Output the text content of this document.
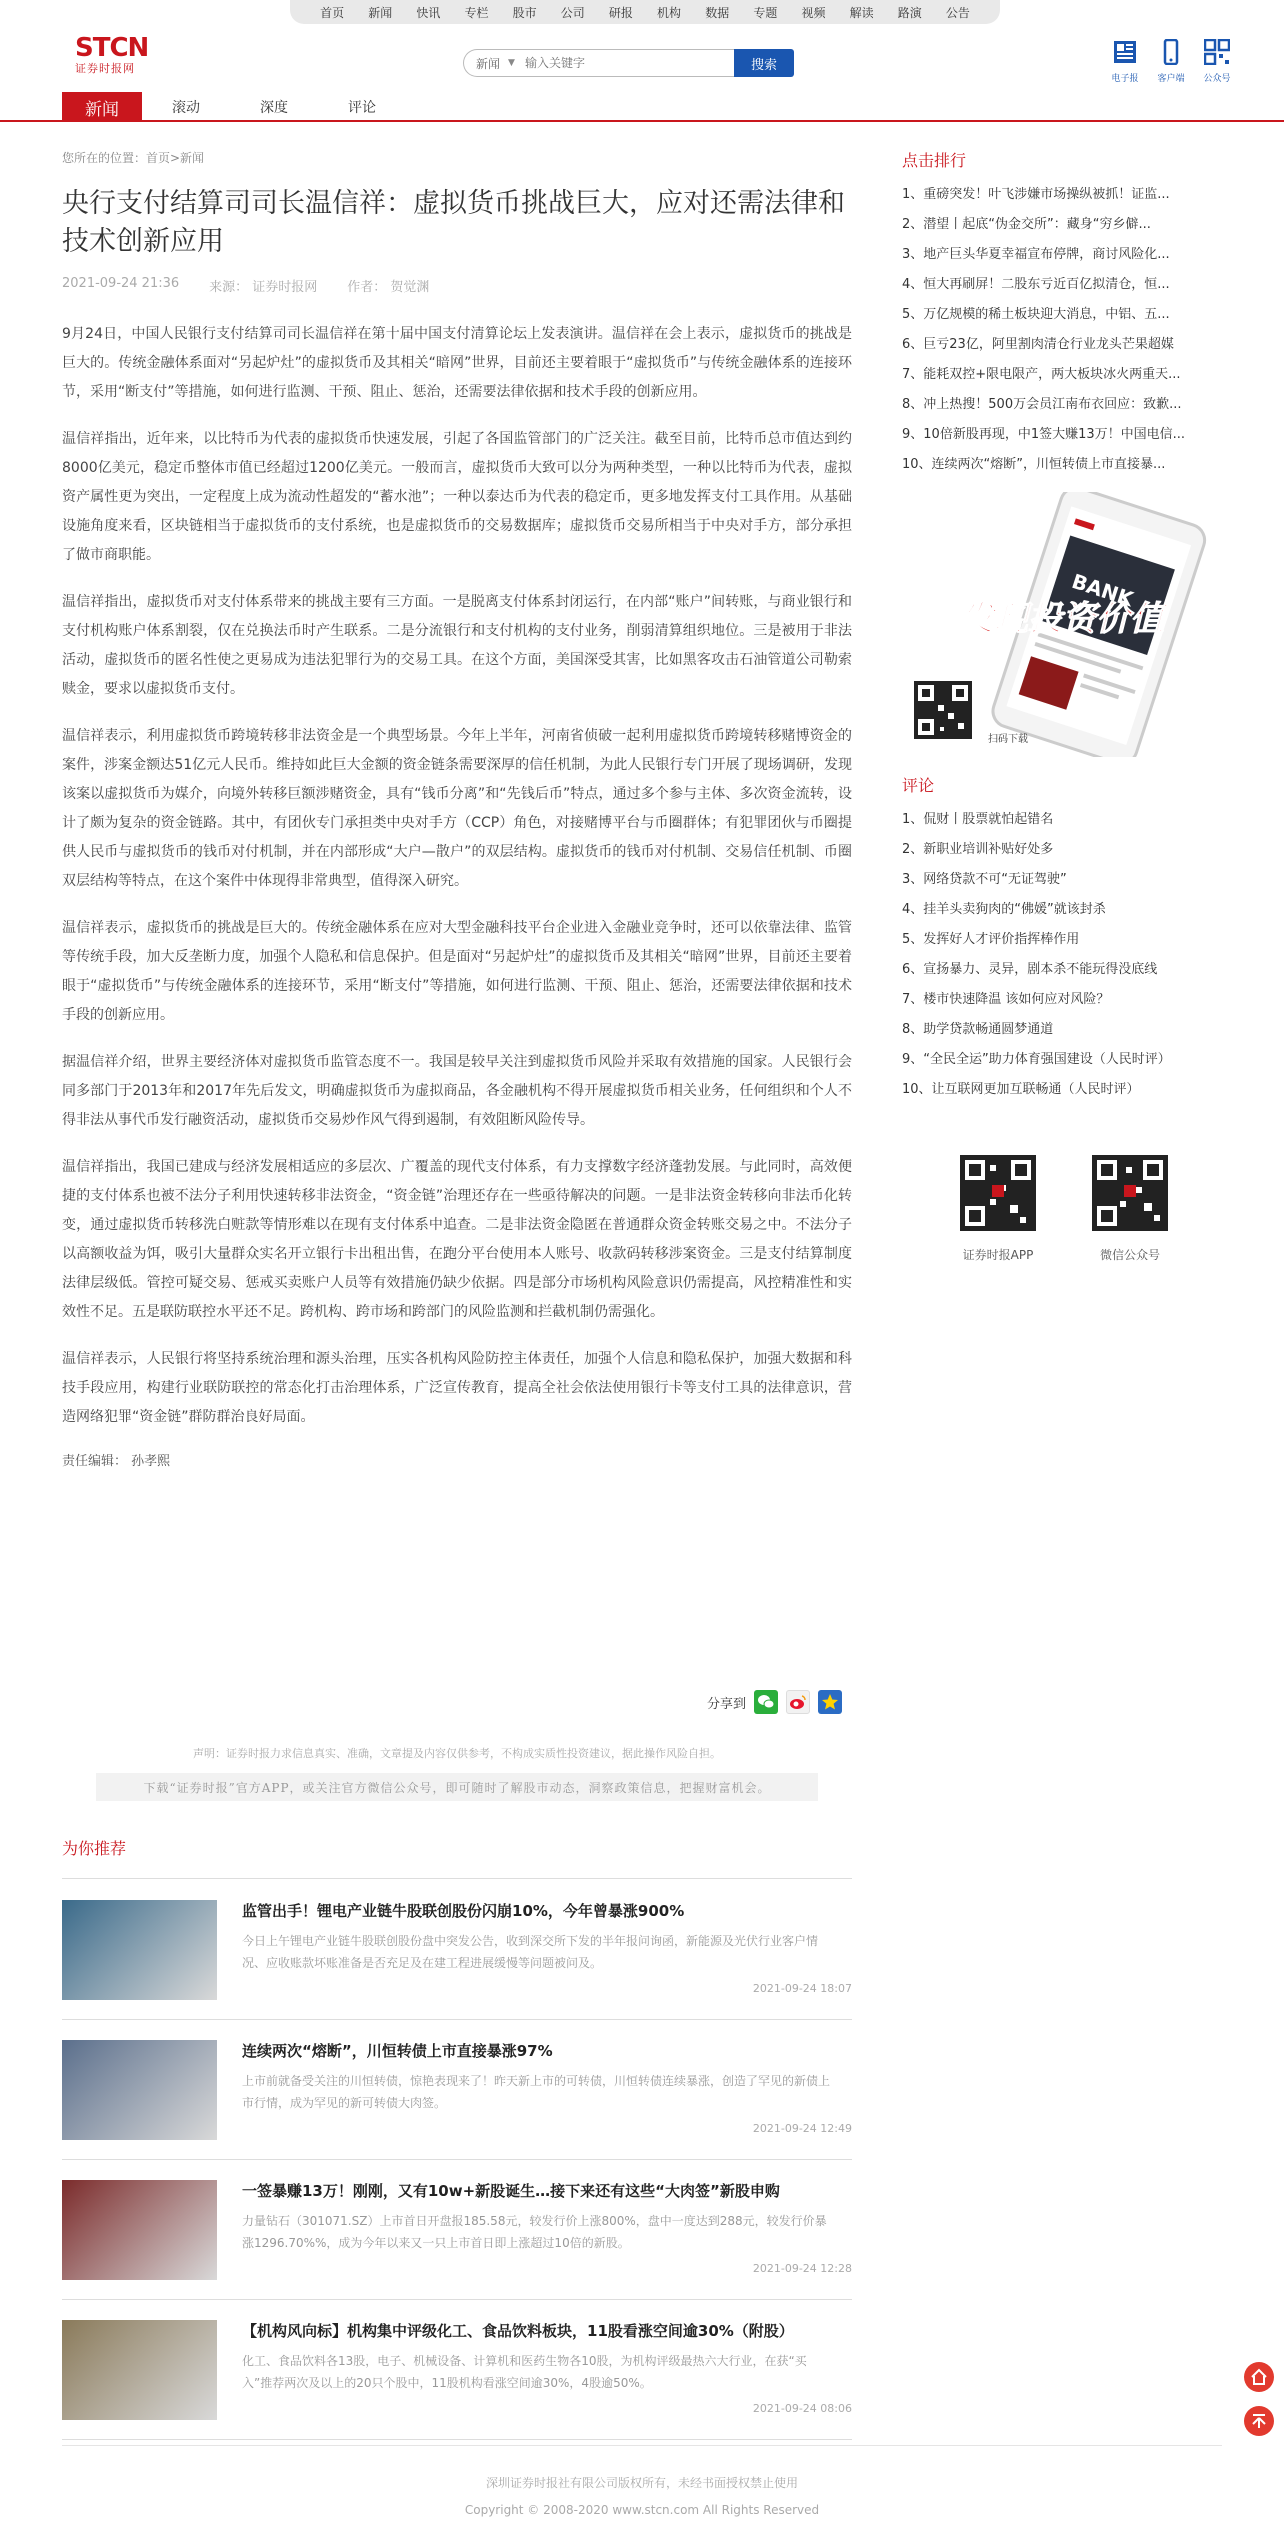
首页 新闻 快讯 专栏 股市 公司 研报 机构 数据 专题 视频 解读 路演 公告
STCN
证券时报网	新闻 ▼
输入关键字	搜索
电子报	客户端	公众号
新闻	滚动	深度	评论
您所在的位置：首页>新闻
央行支付结算司司长温信祥：虚拟货币挑战巨大，应对还需法律和技术创新应用
2021-09-24 21:36 来源： 证券时报网 作者： 贺觉渊

9月24日，中国人民银行支付结算司司长温信祥在第十届中国支付清算论坛上发表演讲。温信祥在会上表示，虚拟货币的挑战是巨大的。传统金融体系面对“另起炉灶”的虚拟货币及其相关“暗网”世界，目前还主要着眼于“虚拟货币”与传统金融体系的连接环节，采用“断支付”等措施，如何进行监测、干预、阻止、惩治，还需要法律依据和技术手段的创新应用。

温信祥指出，近年来，以比特币为代表的虚拟货币快速发展，引起了各国监管部门的广泛关注。截至目前，比特币总市值达到约8000亿美元，稳定币整体市值已经超过1200亿美元。一般而言，虚拟货币大致可以分为两种类型，一种以比特币为代表，虚拟资产属性更为突出，一定程度上成为流动性超发的“蓄水池”；一种以泰达币为代表的稳定币，更多地发挥支付工具作用。从基础设施角度来看，区块链相当于虚拟货币的支付系统，也是虚拟货币的交易数据库；虚拟货币交易所相当于中央对手方，部分承担了做市商职能。

温信祥指出，虚拟货币对支付体系带来的挑战主要有三方面。一是脱离支付体系封闭运行，在内部“账户”间转账，与商业银行和支付机构账户体系割裂，仅在兑换法币时产生联系。二是分流银行和支付机构的支付业务，削弱清算组织地位。三是被用于非法活动，虚拟货币的匿名性使之更易成为违法犯罪行为的交易工具。在这个方面，美国深受其害，比如黑客攻击石油管道公司勒索赎金，要求以虚拟货币支付。

温信祥表示，利用虚拟货币跨境转移非法资金是一个典型场景。今年上半年，河南省侦破一起利用虚拟货币跨境转移赌博资金的案件，涉案金额达51亿元人民币。维持如此巨大金额的资金链条需要深厚的信任机制，为此人民银行专门开展了现场调研，发现该案以虚拟货币为媒介，向境外转移巨额涉赌资金，具有“钱币分离”和“先钱后币”特点，通过多个参与主体、多次资金流转，设计了颇为复杂的资金链路。其中，有团伙专门承担类中央对手方（CCP）角色，对接赌博平台与币圈群体；有犯罪团伙与币圈提供人民币与虚拟货币的钱币对付机制，并在内部形成“大户—散户”的双层结构。虚拟货币的钱币对付机制、交易信任机制、币圈双层结构等特点，在这个案件中体现得非常典型，值得深入研究。

温信祥表示，虚拟货币的挑战是巨大的。传统金融体系在应对大型金融科技平台企业进入金融业竞争时，还可以依靠法律、监管等传统手段，加大反垄断力度，加强个人隐私和信息保护。但是面对“另起炉灶”的虚拟货币及其相关“暗网”世界，目前还主要着眼于“虚拟货币”与传统金融体系的连接环节，采用“断支付”等措施，如何进行监测、干预、阻止、惩治，还需要法律依据和技术手段的创新应用。

据温信祥介绍，世界主要经济体对虚拟货币监管态度不一。我国是较早关注到虚拟货币风险并采取有效措施的国家。人民银行会同多部门于2013年和2017年先后发文，明确虚拟货币为虚拟商品，各金融机构不得开展虚拟货币相关业务，任何组织和个人不得非法从事代币发行融资活动，虚拟货币交易炒作风气得到遏制，有效阻断风险传导。

温信祥指出，我国已建成与经济发展相适应的多层次、广覆盖的现代支付体系，有力支撑数字经济蓬勃发展。与此同时，高效便捷的支付体系也被不法分子利用快速转移非法资金，“资金链”治理还存在一些亟待解决的问题。一是非法资金转移向非法币化转变，通过虚拟货币转移洗白赃款等情形难以在现有支付体系中追查。二是非法资金隐匿在普通群众资金转账交易之中。不法分子以高额收益为饵，吸引大量群众实名开立银行卡出租出售，在跑分平台使用本人账号、收款码转移涉案资金。三是支付结算制度法律层级低。管控可疑交易、惩戒买卖账户人员等有效措施仍缺少依据。四是部分市场机构风险意识仍需提高，风控精准性和实效性不足。五是联防联控水平还不足。跨机构、跨市场和跨部门的风险监测和拦截机制仍需强化。

温信祥表示，人民银行将坚持系统治理和源头治理，压实各机构风险防控主体责任，加强个人信息和隐私保护，加强大数据和科技手段应用，构建行业联防联控的常态化打击治理体系，广泛宣传教育，提高全社会依法使用银行卡等支付工具的法律意识，营造网络犯罪“资金链”群防群治良好局面。

责任编辑： 孙孝熙
分享到
声明：证券时报力求信息真实、准确，文章提及内容仅供参考，不构成实质性投资建议，据此操作风险自担。
下载“证券时报”官方APP，或关注官方微信公众号，即可随时了解股市动态，洞察政策信息，把握财富机会。
为你推荐
监管出手！锂电产业链牛股联创股份闪崩10%，今年曾暴涨900%
今日上午锂电产业链牛股联创股份盘中突发公告，收到深交所下发的半年报问询函，新能源及光伏行业客户情况、应收账款坏账准备是否充足及在建工程进展缓慢等问题被问及。
2021-09-24 18:07
连续两次“熔断”，川恒转债上市直接暴涨97%
上市前就备受关注的川恒转债，惊艳表现来了！昨天新上市的可转债，川恒转债连续暴涨，创造了罕见的新债上市行情，成为罕见的新可转债大肉签。
2021-09-24 12:49
一签暴赚13万！刚刚，又有10w+新股诞生…接下来还有这些“大肉签”新股申购
力量钻石（301071.SZ）上市首日开盘报185.58元，较发行价上涨800%，盘中一度达到288元，较发行价暴涨1296.70%%，成为今年以来又一只上市首日即上涨超过10倍的新股。
2021-09-24 12:28
【机构风向标】机构集中评级化工、食品饮料板块，11股看涨空间逾30%（附股）
化工、食品饮料各13股，电子、机械设备、计算机和医药生物各10股，为机构评级最热六大行业，在获“买入”推荐两次及以上的20只个股中，11股机构看涨空间逾30%，4股逾50%。
2021-09-24 08:06
点击排行
1、重磅突发！叶飞涉嫌市场操纵被抓！证监...
2、潜望丨起底“伪金交所”：藏身“穷乡僻...
3、地产巨头华夏幸福宣布停牌，商讨风险化...
4、恒大再刷屏！二股东亏近百亿拟清仓，恒...
5、万亿规模的稀土板块迎大消息，中铝、五...
6、巨亏23亿，阿里割肉清仓行业龙头芒果超媒
7、能耗双控+限电限产，两大板块冰火两重天...
8、冲上热搜！500万会员江南布衣回应：致歉...
9、10倍新股再现，中1签大赚13万！中国电信...
10、连续两次“熔断”，川恒转债上市直接暴...
BANK
发现投资价值
扫码下载
评论
1、侃财丨股票就怕起错名
2、新职业培训补贴好处多
3、网络贷款不可“无证驾驶”
4、挂羊头卖狗肉的“佛媛”就该封杀
5、发挥好人才评价指挥棒作用
6、宣扬暴力、灵异，剧本杀不能玩得没底线
7、楼市快速降温 该如何应对风险？
8、助学贷款畅通圆梦通道
9、“全民全运”助力体育强国建设（人民时评）
10、让互联网更加互联畅通（人民时评）
证券时报APP	微信公众号
深圳证券时报社有限公司版权所有，未经书面授权禁止使用
Copyright © 2008-2020 www.stcn.com All Rights Reserved
